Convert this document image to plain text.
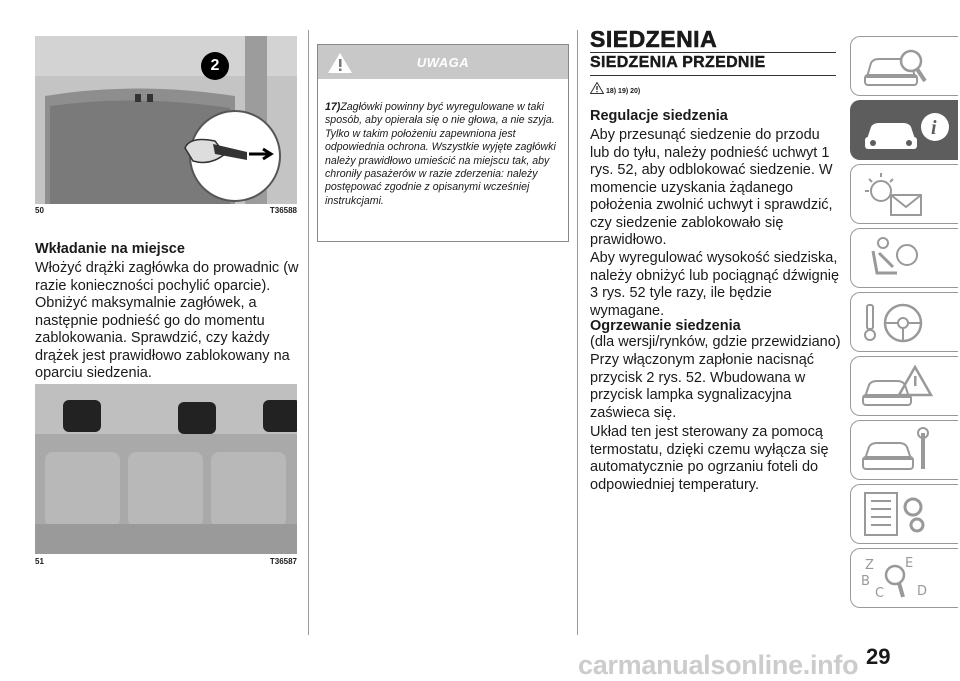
2
1
50	T36588
Wkładanie na miejsce

Włożyć drążki zagłówka do prowadnic (w razie konieczności pochylić oparcie). Obniżyć maksymalnie zagłówek, a następnie podnieść go do momentu zablokowania. Sprawdzić, czy każdy drążek jest prawidłowo zablokowany na oparciu siedzenia.

51	T36587
UWAGA
17)Zagłówki powinny być wyregulowane w taki sposób, aby opierała się o nie głowa, a nie szyja. Tylko w takim położeniu zapewniona jest odpowiednia ochrona. Wszystkie wyjęte zagłówki należy prawidłowo umieścić na miejscu tak, aby chroniły pasażerów w razie zderzenia: należy postępować zgodnie z opisanymi wcześniej instrukcjami.
SIEDZENIA
SIEDZENIA PRZEDNIE
18) 19) 20)
Regulacje siedzenia

Aby przesunąć siedzenie do przodu lub do tyłu, należy podnieść uchwyt 1 rys. 52, aby odblokować siedzenie. W momencie uzyskania żądanego położenia zwolnić uchwyt i sprawdzić, czy siedzenie zablokowało się prawidłowo.

Aby wyregulować wysokość siedziska, należy obniżyć lub pociągnąć dźwignię 3 rys. 52 tyle razy, ile będzie wymagane.

Ogrzewanie siedzenia

(dla wersji/rynków, gdzie przewidziano)

Przy włączonym zapłonie nacisnąć przycisk 2 rys. 52. Wbudowana w przycisk lampka sygnalizacyjna zaświeca się.

Układ ten jest sterowany za pomocą termostatu, dzięki czemu wyłącza się automatycznie po ogrzaniu foteli do odpowiedniej temperatury.

i
Z E
B
C	D
29
carmanualsonline.info
